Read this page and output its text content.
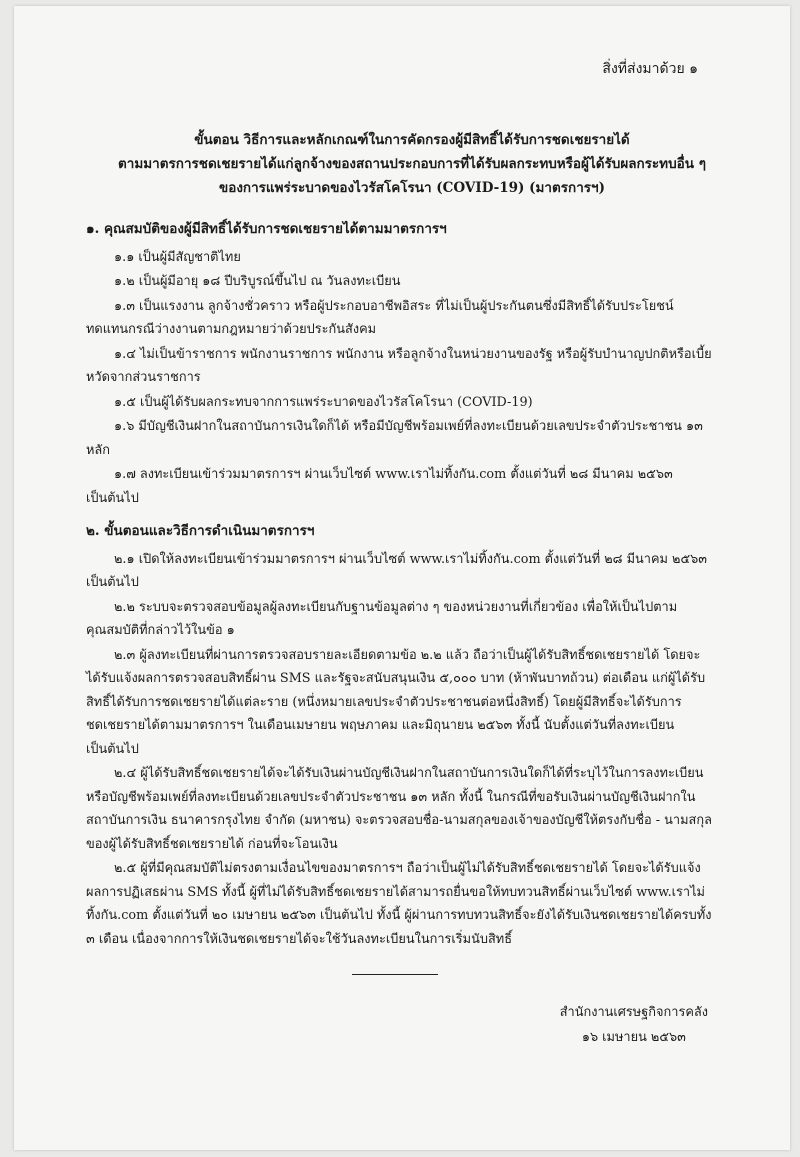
สิ่งที่ส่งมาด้วย ๑
ขั้นตอน วิธีการและหลักเกณฑ์ในการคัดกรองผู้มีสิทธิ์ได้รับการชดเชยรายได้
ตามมาตรการชดเชยรายได้แก่ลูกจ้างของสถานประกอบการที่ได้รับผลกระทบหรือผู้ได้รับผลกระทบอื่น ๆ
ของการแพร่ระบาดของไวรัสโคโรนา (COVID-19) (มาตรการฯ)
๑. คุณสมบัติของผู้มีสิทธิ์ได้รับการชดเชยรายได้ตามมาตรการฯ

๑.๑ เป็นผู้มีสัญชาติไทย

๑.๒ เป็นผู้มีอายุ ๑๘ ปีบริบูรณ์ขึ้นไป ณ วันลงทะเบียน

๑.๓ เป็นแรงงาน ลูกจ้างชั่วคราว หรือผู้ประกอบอาชีพอิสระ ที่ไม่เป็นผู้ประกันตนซึ่งมีสิทธิ์ได้รับประโยชน์ทดแทนกรณีว่างงานตามกฎหมายว่าด้วยประกันสังคม

๑.๔ ไม่เป็นข้าราชการ พนักงานราชการ พนักงาน หรือลูกจ้างในหน่วยงานของรัฐ หรือผู้รับบำนาญปกติหรือเบี้ยหวัดจากส่วนราชการ

๑.๕ เป็นผู้ได้รับผลกระทบจากการแพร่ระบาดของไวรัสโคโรนา (COVID-19)

๑.๖ มีบัญชีเงินฝากในสถาบันการเงินใดก็ได้ หรือมีบัญชีพร้อมเพย์ที่ลงทะเบียนด้วยเลขประจำตัวประชาชน ๑๓ หลัก

๑.๗ ลงทะเบียนเข้าร่วมมาตรการฯ ผ่านเว็บไซต์ www.เราไม่ทิ้งกัน.com ตั้งแต่วันที่ ๒๘ มีนาคม ๒๕๖๓ เป็นต้นไป

๒. ขั้นตอนและวิธีการดำเนินมาตรการฯ

๒.๑ เปิดให้ลงทะเบียนเข้าร่วมมาตรการฯ ผ่านเว็บไซต์ www.เราไม่ทิ้งกัน.com ตั้งแต่วันที่ ๒๘ มีนาคม ๒๕๖๓ เป็นต้นไป

๒.๒ ระบบจะตรวจสอบข้อมูลผู้ลงทะเบียนกับฐานข้อมูลต่าง ๆ ของหน่วยงานที่เกี่ยวข้อง เพื่อให้เป็นไปตามคุณสมบัติที่กล่าวไว้ในข้อ ๑

๒.๓ ผู้ลงทะเบียนที่ผ่านการตรวจสอบรายละเอียดตามข้อ ๒.๒ แล้ว ถือว่าเป็นผู้ได้รับสิทธิ์ชดเชยรายได้ โดยจะได้รับแจ้งผลการตรวจสอบสิทธิ์ผ่าน SMS และรัฐจะสนับสนุนเงิน ๕,๐๐๐ บาท (ห้าพันบาทถ้วน) ต่อเดือน แก่ผู้ได้รับสิทธิ์ได้รับการชดเชยรายได้แต่ละราย (หนึ่งหมายเลขประจำตัวประชาชนต่อหนึ่งสิทธิ์) โดยผู้มีสิทธิ์จะได้รับการชดเชยรายได้ตามมาตรการฯ ในเดือนเมษายน พฤษภาคม และมิถุนายน ๒๕๖๓ ทั้งนี้ นับตั้งแต่วันที่ลงทะเบียนเป็นต้นไป

๒.๔ ผู้ได้รับสิทธิ์ชดเชยรายได้จะได้รับเงินผ่านบัญชีเงินฝากในสถาบันการเงินใดก็ได้ที่ระบุไว้ในการลงทะเบียน หรือบัญชีพร้อมเพย์ที่ลงทะเบียนด้วยเลขประจำตัวประชาชน ๑๓ หลัก ทั้งนี้ ในกรณีที่ขอรับเงินผ่านบัญชีเงินฝากในสถาบันการเงิน ธนาคารกรุงไทย จำกัด (มหาชน) จะตรวจสอบชื่อ-นามสกุลของเจ้าของบัญชีให้ตรงกับชื่อ - นามสกุลของผู้ได้รับสิทธิ์ชดเชยรายได้ ก่อนที่จะโอนเงิน

๒.๕ ผู้ที่มีคุณสมบัติไม่ตรงตามเงื่อนไขของมาตรการฯ ถือว่าเป็นผู้ไม่ได้รับสิทธิ์ชดเชยรายได้ โดยจะได้รับแจ้งผลการปฏิเสธผ่าน SMS ทั้งนี้ ผู้ที่ไม่ได้รับสิทธิ์ชดเชยรายได้สามารถยื่นขอให้ทบทวนสิทธิ์ผ่านเว็บไซต์ www.เราไม่ทิ้งกัน.com ตั้งแต่วันที่ ๒๐ เมษายน ๒๕๖๓ เป็นต้นไป ทั้งนี้ ผู้ผ่านการทบทวนสิทธิ์จะยังได้รับเงินชดเชยรายได้ครบทั้ง ๓ เดือน เนื่องจากการให้เงินชดเชยรายได้จะใช้วันลงทะเบียนในการเริ่มนับสิทธิ์

สำนักงานเศรษฐกิจการคลัง
๑๖ เมษายน ๒๕๖๓
